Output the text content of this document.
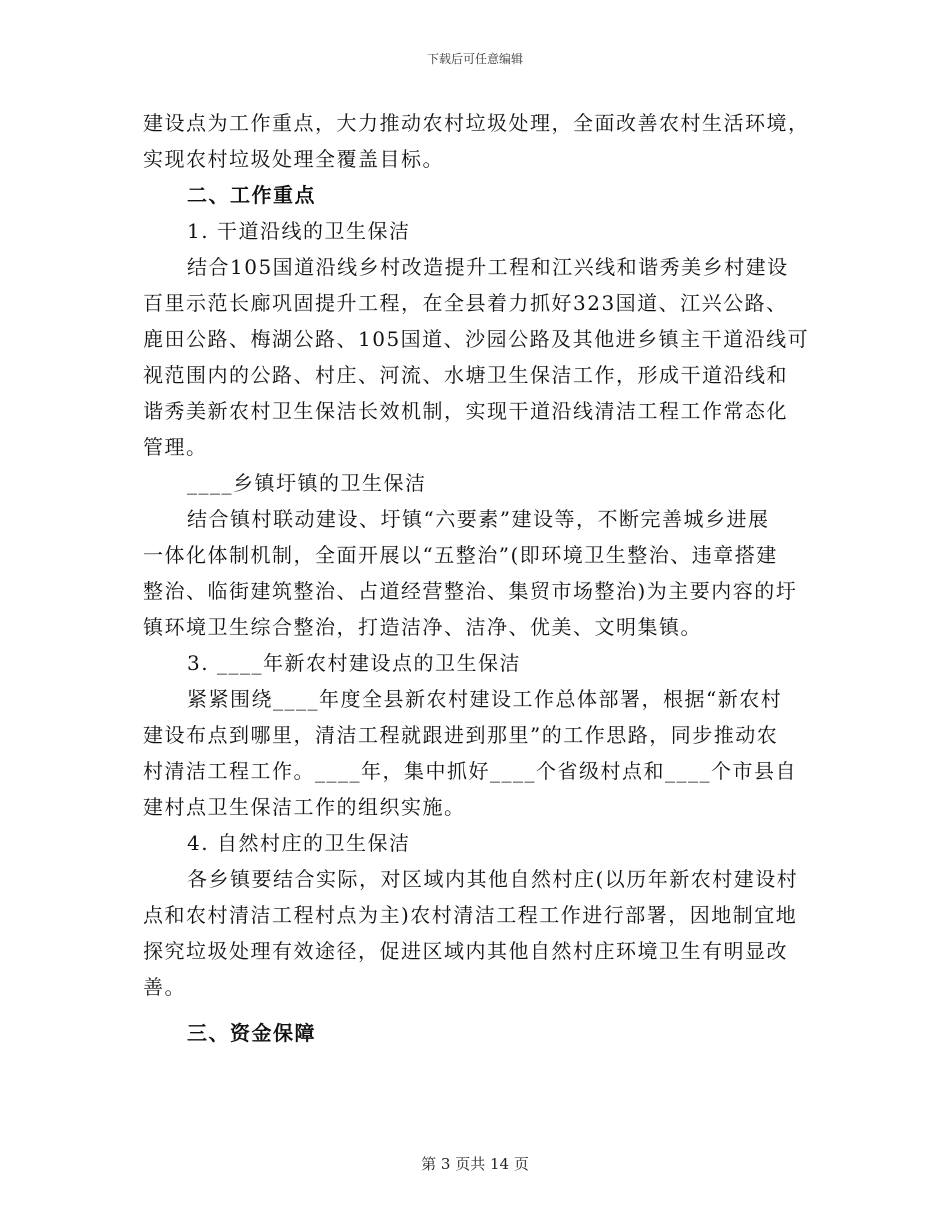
下载后可任意编辑
建设点为工作重点，大力推动农村垃圾处理，全面改善农村生活环境，
实现农村垃圾处理全覆盖目标。
二、工作重点
1. 干道沿线的卫生保洁
结合105国道沿线乡村改造提升工程和江兴线和谐秀美乡村建设
百里示范长廊巩固提升工程，在全县着力抓好323国道、江兴公路、
鹿田公路、梅湖公路、105国道、沙园公路及其他进乡镇主干道沿线可
视范围内的公路、村庄、河流、水塘卫生保洁工作，形成干道沿线和
谐秀美新农村卫生保洁长效机制，实现干道沿线清洁工程工作常态化
管理。
____乡镇圩镇的卫生保洁
结合镇村联动建设、圩镇“六要素”建设等，不断完善城乡进展
一体化体制机制，全面开展以“五整治”(即环境卫生整治、违章搭建
整治、临街建筑整治、占道经营整治、集贸市场整治)为主要内容的圩
镇环境卫生综合整治，打造洁净、洁净、优美、文明集镇。
3. ____年新农村建设点的卫生保洁
紧紧围绕____年度全县新农村建设工作总体部署，根据“新农村
建设布点到哪里，清洁工程就跟进到那里”的工作思路，同步推动农
村清洁工程工作。____年，集中抓好____个省级村点和____个市县自
建村点卫生保洁工作的组织实施。
4. 自然村庄的卫生保洁
各乡镇要结合实际，对区域内其他自然村庄(以历年新农村建设村
点和农村清洁工程村点为主)农村清洁工程工作进行部署，因地制宜地
探究垃圾处理有效途径，促进区域内其他自然村庄环境卫生有明显改
善。
三、资金保障
第 3 页共 14 页
